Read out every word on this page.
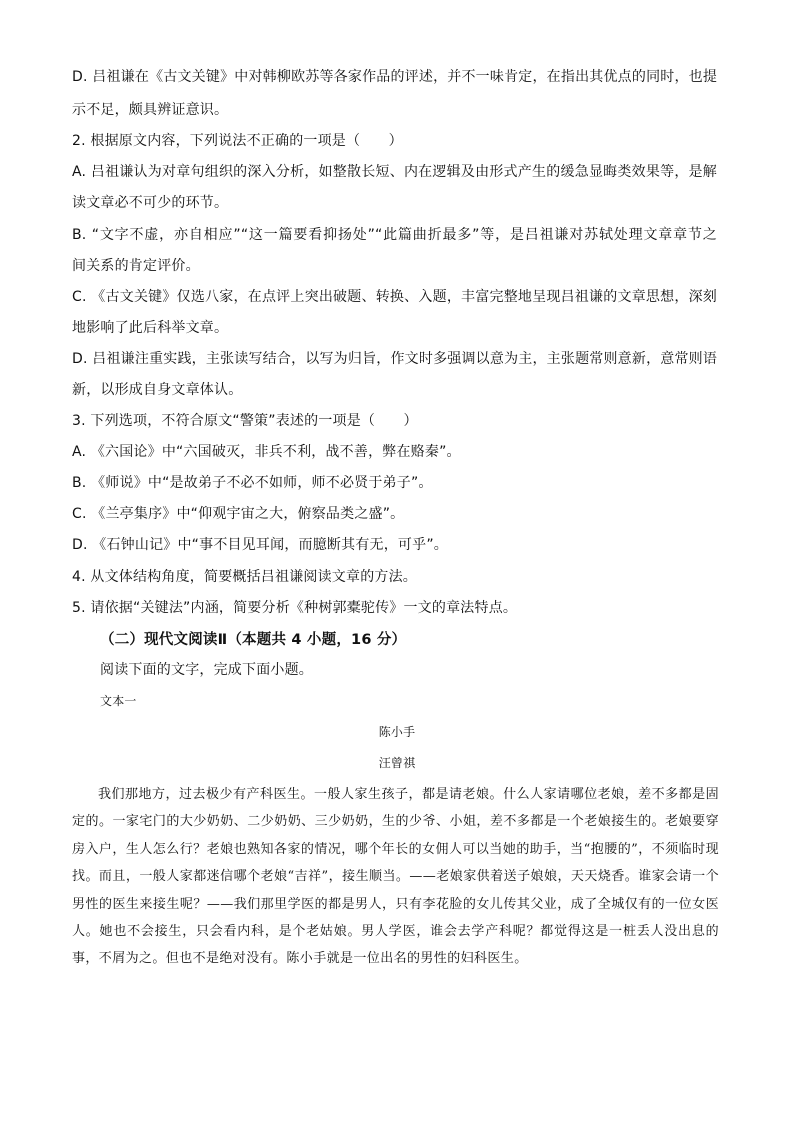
D. 吕祖谦在《古文关键》中对韩柳欧苏等各家作品的评述，并不一味肯定，在指出其优点的同时，也提
示不足，颇具辨证意识。
2. 根据原文内容，下列说法不正确的一项是（　　）
A. 吕祖谦认为对章句组织的深入分析，如整散长短、内在逻辑及由形式产生的缓急显晦类效果等，是解
读文章必不可少的环节。
B. “文字不虚，亦自相应”“这一篇要看抑扬处”“此篇曲折最多”等，是吕祖谦对苏轼处理文章章节之
间关系的肯定评价。
C. 《古文关键》仅选八家，在点评上突出破题、转换、入题，丰富完整地呈现吕祖谦的文章思想，深刻
地影响了此后科举文章。
D. 吕祖谦注重实践，主张读写结合，以写为归旨，作文时多强调以意为主，主张题常则意新，意常则语
新，以形成自身文章体认。
3. 下列选项，不符合原文“警策”表述的一项是（　　）
A. 《六国论》中“六国破灭，非兵不利，战不善，弊在赂秦”。
B. 《师说》中“是故弟子不必不如师，师不必贤于弟子”。
C. 《兰亭集序》中“仰观宇宙之大，俯察品类之盛”。
D. 《石钟山记》中“事不目见耳闻，而臆断其有无，可乎”。
4. 从文体结构角度，简要概括吕祖谦阅读文章的方法。
5. 请依据“关键法”内涵，简要分析《种树郭橐驼传》一文的章法特点。
（二）现代文阅读Ⅱ（本题共 4 小题，16 分）
阅读下面的文字，完成下面小题。
文本一
陈小手
汪曾祺
我们那地方，过去极少有产科医生。一般人家生孩子，都是请老娘。什么人家请哪位老娘，差不多都是固定的。一家宅门的大少奶奶、二少奶奶、三少奶奶，生的少爷、小姐，差不多都是一个老娘接生的。老娘要穿房入户，生人怎么行？老娘也熟知各家的情况，哪个年长的女佣人可以当她的助手，当“抱腰的”，不须临时现找。而且，一般人家都迷信哪个老娘“吉祥”，接生顺当。——老娘家供着送子娘娘，天天烧香。谁家会请一个男性的医生来接生呢？——我们那里学医的都是男人，只有李花脸的女儿传其父业，成了全城仅有的一位女医人。她也不会接生，只会看内科，是个老姑娘。男人学医，谁会去学产科呢？都觉得这是一桩丢人没出息的事，不屑为之。但也不是绝对没有。陈小手就是一位出名的男性的妇科医生。
